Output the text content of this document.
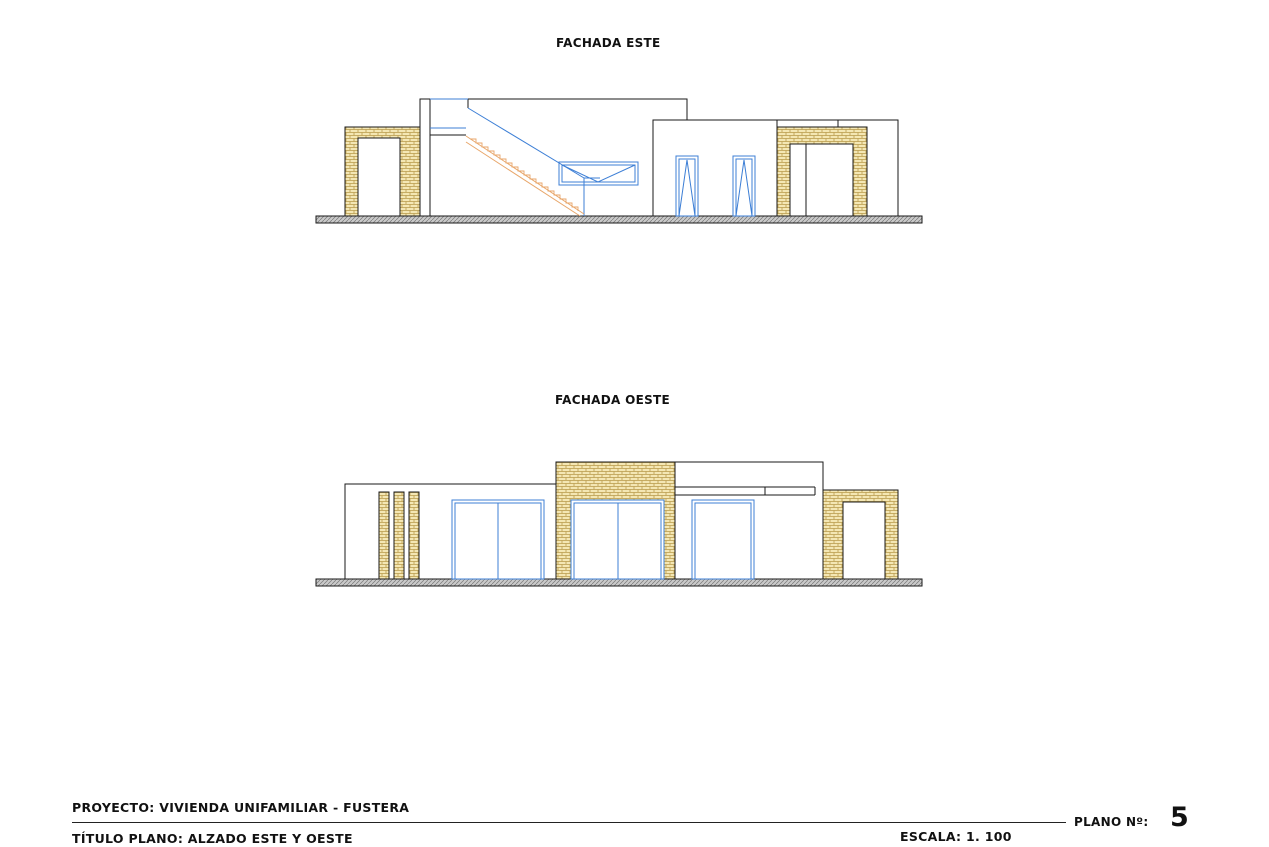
FACHADA ESTE
FACHADA OESTE
PROYECTO: VIVIENDA UNIFAMILIAR - FUSTERA
TÍTULO PLANO: ALZADO ESTE Y OESTE	ESCALA: 1. 100
PLANO Nº: 5
